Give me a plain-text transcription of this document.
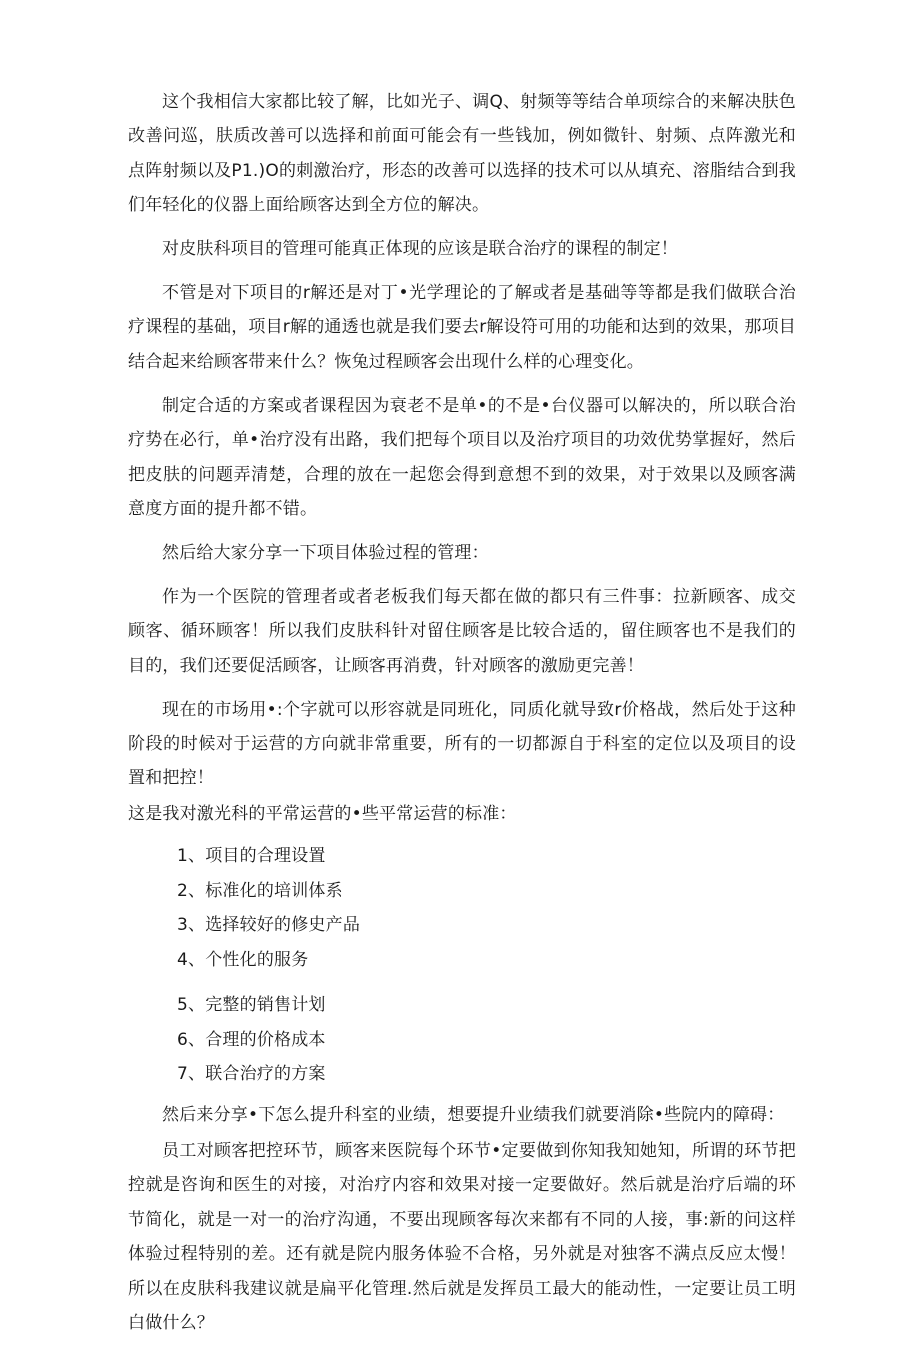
这个我相信大家都比较了解，比如光子、调Q、射频等等结合单项综合的来解决肤色改善问巡，肤质改善可以选择和前面可能会有一些钱加，例如微针、射频、点阵激光和点阵射频以及P1.)O的刺激治疗，形态的改善可以选择的技术可以从填充、溶脂结合到我们年轻化的仪器上面给顾客达到全方位的解决。

对皮肤科项目的管理可能真正体现的应该是联合治疗的课程的制定！

不管是对下项目的r解还是对丁•光学理论的了解或者是基础等等都是我们做联合治疗课程的基础，项目r解的通透也就是我们要去r解设符可用的功能和达到的效果，那项目结合起来给顾客带来什么？恢兔过程顾客会出现什么样的心理变化。

制定合适的方案或者课程因为衰老不是单•的不是•台仪器可以解决的，所以联合治疗势在必行，单•治疗没有出路，我们把每个项目以及治疗项目的功效优势掌握好，然后把皮肤的问题弄清楚，合理的放在一起您会得到意想不到的效果，对于效果以及顾客满意度方面的提升都不错。

然后给大家分享一下项目体验过程的管理：

作为一个医院的管理者或者老板我们每天都在做的都只有三件事：拉新顾客、成交顾客、循环顾客！所以我们皮肤科针对留住顾客是比较合适的，留住顾客也不是我们的目的，我们还要促活顾客，让顾客再消费，针对顾客的激励更完善！

现在的市场用•:个字就可以形容就是同班化，同质化就导致r价格战，然后处于这种阶段的时候对于运营的方向就非常重要，所有的一切都源自于科室的定位以及项目的设置和把控！

这是我对激光科的平常运营的•些平常运营的标准：

1、项目的合理设置
2、标准化的培训体系
3、选择较好的修史产品
4、个性化的服务
5、完整的销售计划
6、合理的价格成本
7、联合治疗的方案

然后来分享•下怎么提升科室的业绩，想要提升业绩我们就要消除•些院内的障碍：

员工对顾客把控环节，顾客来医院每个环节•定要做到你知我知她知，所谓的环节把控就是咨询和医生的对接，对治疗内容和效果对接一定要做好。然后就是治疗后端的环节简化，就是一对一的治疗沟通，不要出现顾客每次来都有不同的人接，事:新的问这样体验过程特别的差。还有就是院内服务体验不合格，另外就是对独客不满点反应太慢！所以在皮肤科我建议就是扁平化管理.然后就是发挥员工最大的能动性，一定要让员工明白做什么？
